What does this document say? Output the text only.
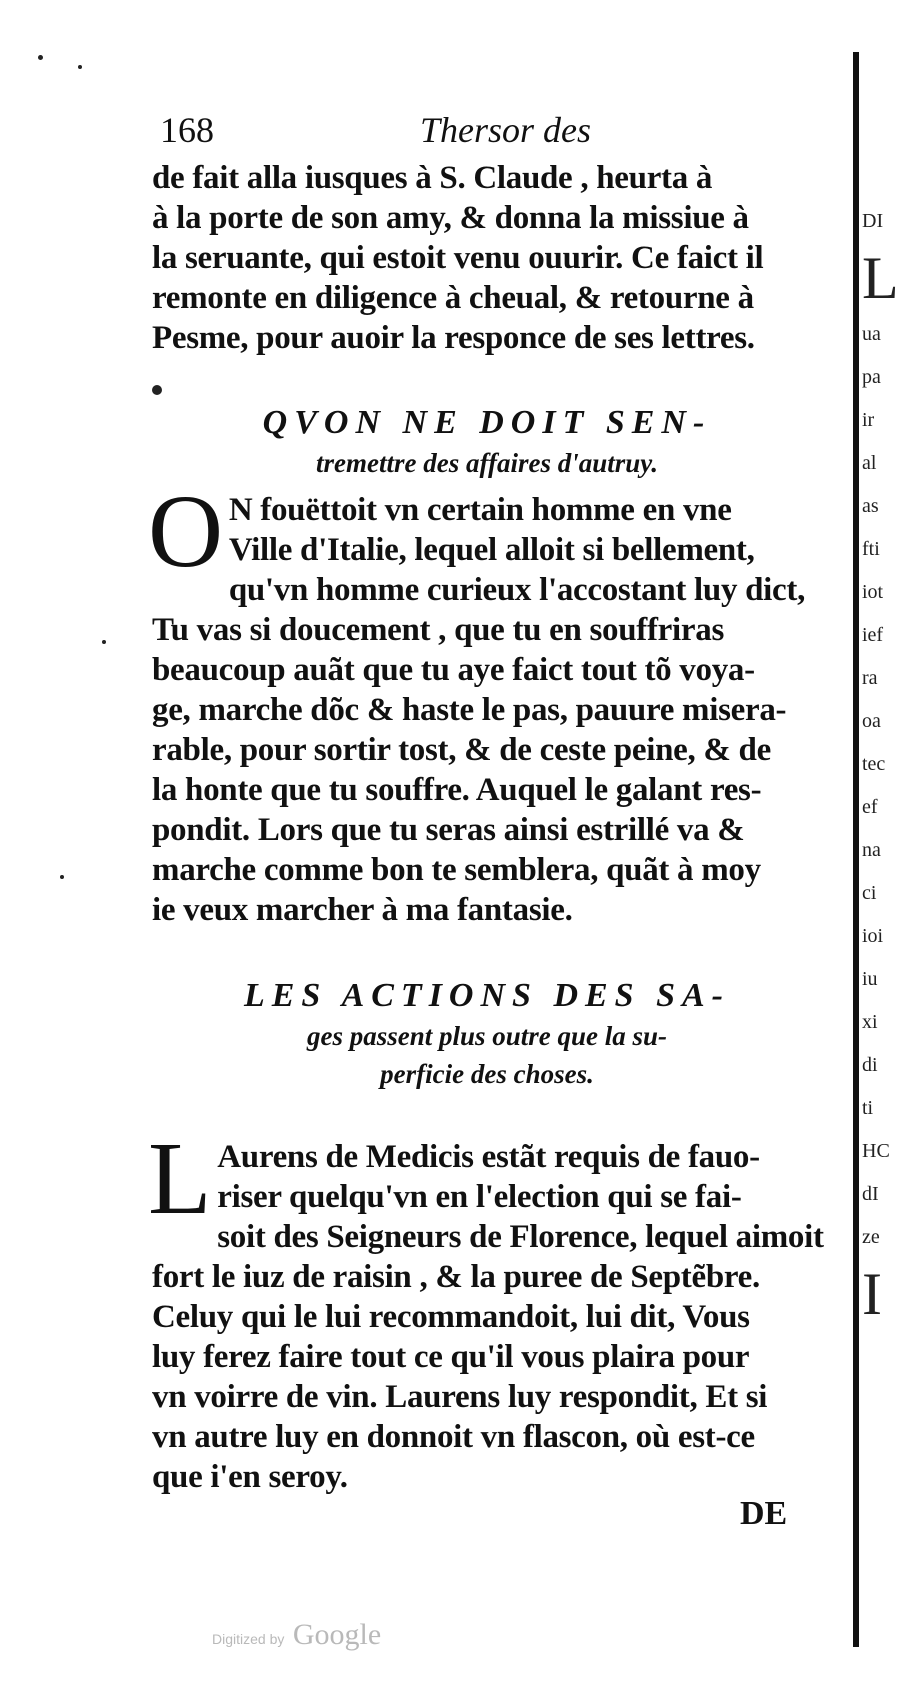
DI

L
ua
pa
ir
al
as
fti
iot
ief
ra
oa
tec
ef
na
ci
ioi
iu
xi
di
ti
HC
dI
ze

I
168	Thersor des
de fait alla iusques à S. Claude , heurta à
à la porte de son amy, & donna la missiue à
la seruante, qui estoit venu ouurir. Ce faict il
remonte en diligence à cheual, & retourne à
Pesme, pour auoir la responce de ses lettres.
QVON NE DOIT SEN-
tremettre des affaires d'autruy.
O N fouëttoit vn certain homme en vne
Ville d'Italie, lequel alloit si bellement,
qu'vn homme curieux l'accostant luy dict,
Tu vas si doucement , que tu en souffriras
beaucoup auãt que tu aye faict tout tõ voya-
ge, marche dõc & haste le pas, pauure misera-
rable, pour sortir tost, & de ceste peine, & de
la honte que tu souffre. Auquel le galant res-
pondit. Lors que tu seras ainsi estrillé va &
marche comme bon te semblera, quãt à moy
ie veux marcher à ma fantasie.
LES ACTIONS DES SA-
ges passent plus outre que la su-
perficie des choses.
L Aurens de Medicis estãt requis de fauo-
riser quelqu'vn en l'election qui se fai-
soit des Seigneurs de Florence, lequel aimoit
fort le iuz de raisin , & la puree de Septẽbre.
Celuy qui le lui recommandoit, lui dit, Vous
luy ferez faire tout ce qu'il vous plaira pour
vn voirre de vin. Laurens luy respondit, Et si
vn autre luy en donnoit vn flascon, où est-ce
que i'en seroy.
DE
Digitized by Google
